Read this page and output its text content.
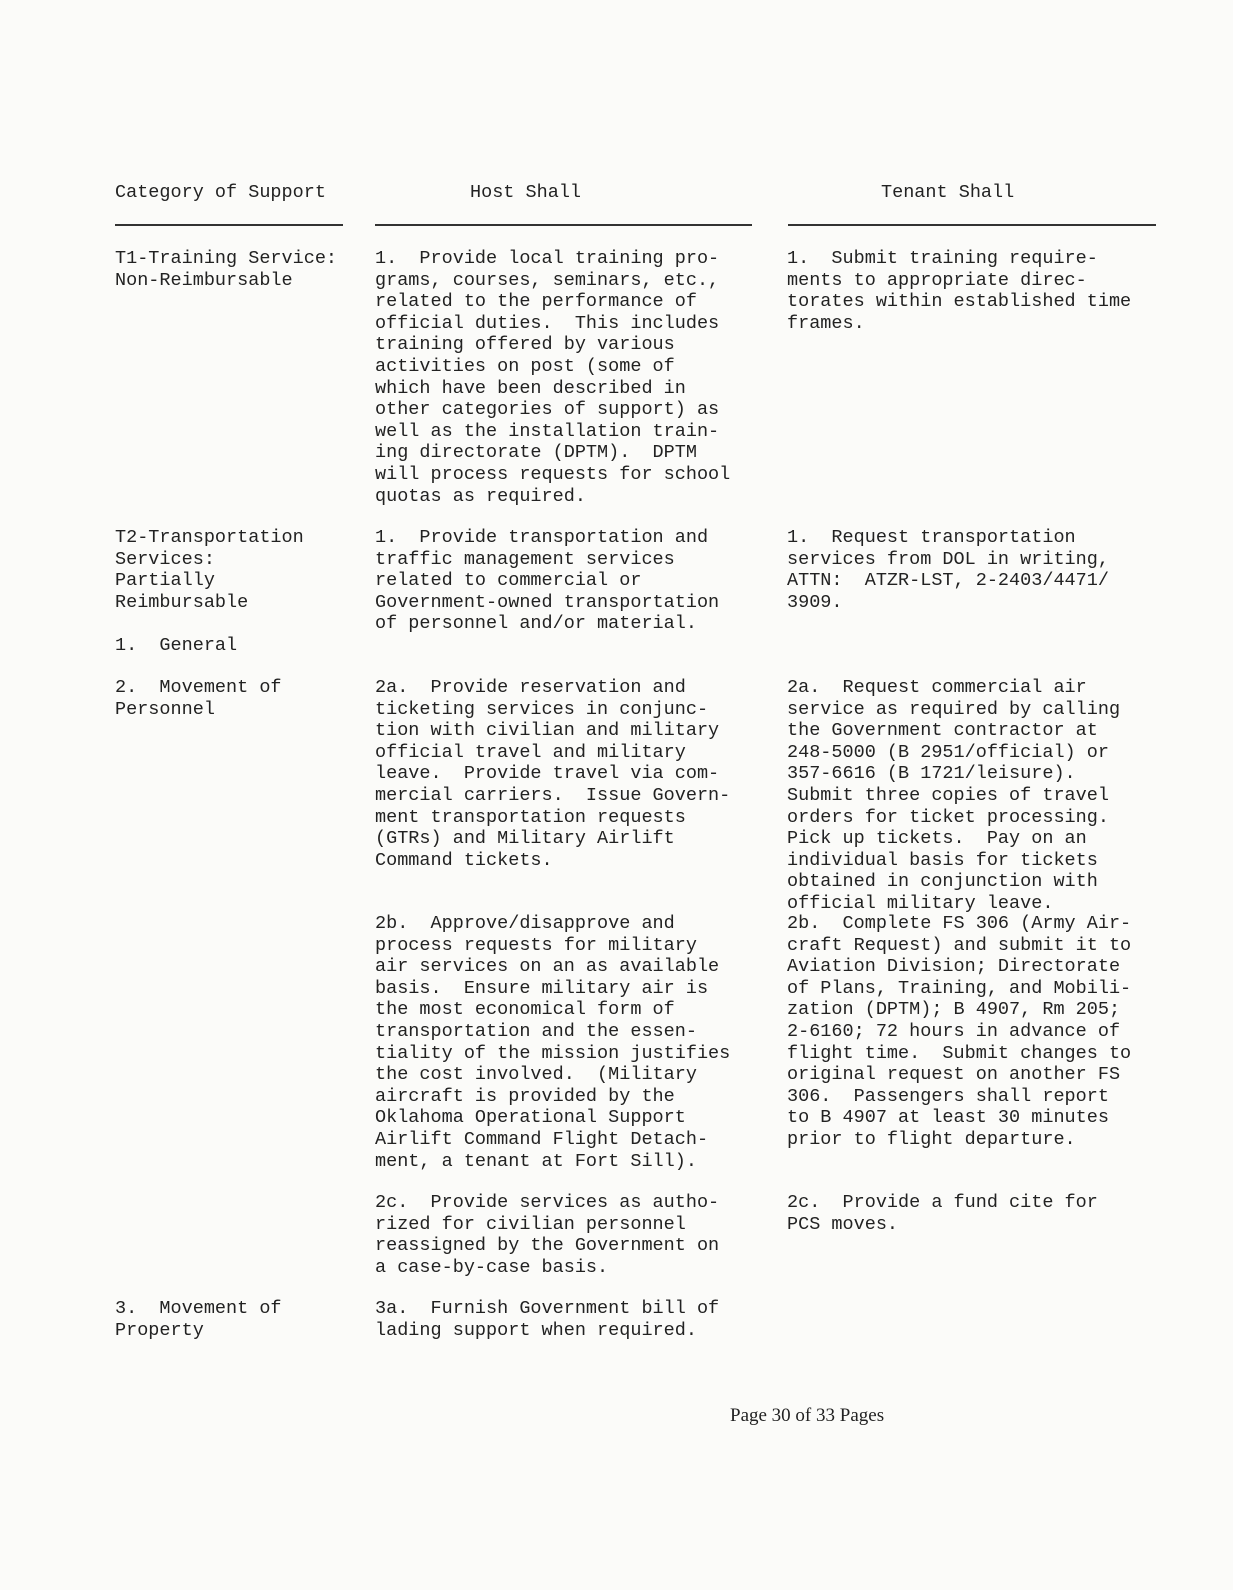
Category of Support	Host Shall	Tenant Shall
T1-Training Service:
Non-Reimbursable
1.  Provide local training pro-
grams, courses, seminars, etc.,
related to the performance of
official duties.  This includes
training offered by various
activities on post (some of
which have been described in
other categories of support) as
well as the installation train-
ing directorate (DPTM).  DPTM
will process requests for school
quotas as required.
1.  Submit training require-
ments to appropriate direc-
torates within established time
frames.
T2-Transportation
Services:
Partially
Reimbursable

1.  General
1.  Provide transportation and
traffic management services
related to commercial or
Government-owned transportation
of personnel and/or material.
1.  Request transportation
services from DOL in writing,
ATTN:  ATZR-LST, 2-2403/4471/
3909.
2.  Movement of
Personnel
2a.  Provide reservation and
ticketing services in conjunc-
tion with civilian and military
official travel and military
leave.  Provide travel via com-
mercial carriers.  Issue Govern-
ment transportation requests
(GTRs) and Military Airlift
Command tickets.
2a.  Request commercial air
service as required by calling
the Government contractor at
248-5000 (B 2951/official) or
357-6616 (B 1721/leisure).
Submit three copies of travel
orders for ticket processing.
Pick up tickets.  Pay on an
individual basis for tickets
obtained in conjunction with
official military leave.
2b.  Approve/disapprove and
process requests for military
air services on an as available
basis.  Ensure military air is
the most economical form of
transportation and the essen-
tiality of the mission justifies
the cost involved.  (Military
aircraft is provided by the
Oklahoma Operational Support
Airlift Command Flight Detach-
ment, a tenant at Fort Sill).
2b.  Complete FS 306 (Army Air-
craft Request) and submit it to
Aviation Division; Directorate
of Plans, Training, and Mobili-
zation (DPTM); B 4907, Rm 205;
2-6160; 72 hours in advance of
flight time.  Submit changes to
original request on another FS
306.  Passengers shall report
to B 4907 at least 30 minutes
prior to flight departure.
2c.  Provide services as autho-
rized for civilian personnel
reassigned by the Government on
a case-by-case basis.
2c.  Provide a fund cite for
PCS moves.
3.  Movement of
Property
3a.  Furnish Government bill of
lading support when required.
Page 30 of 33 Pages
